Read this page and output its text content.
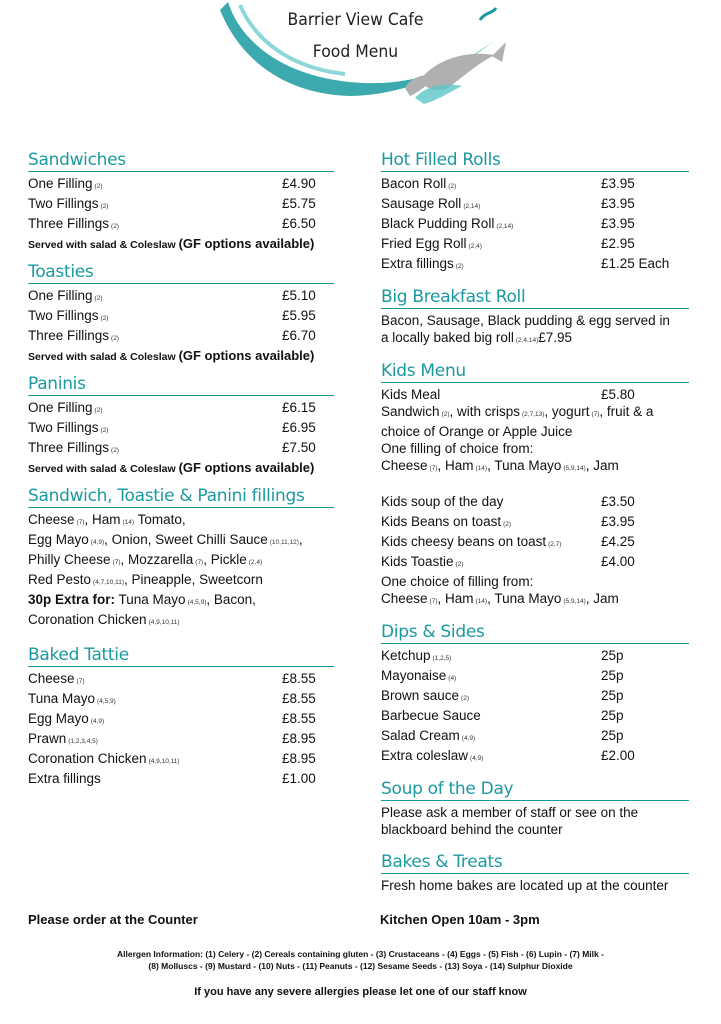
Barrier View Cafe
Food Menu
Sandwiches
One Filling (2)	£4.90
Two Fillings (2)	£5.75
Three Fillings (2)	£6.50
Served with salad & Coleslaw (GF options available)
Toasties
One Filling (2)	£5.10
Two Fillings (2)	£5.95
Three Fillings (2)	£6.70
Served with salad & Coleslaw (GF options available)
Paninis
One Filling (2)	£6.15
Two Fillings (2)	£6.95
Three Fillings (2)	£7.50
Served with salad & Coleslaw (GF options available)
Sandwich, Toastie & Panini fillings
Cheese (7), Ham (14) Tomato,
Egg Mayo (4,9), Onion, Sweet Chilli Sauce (10,11,12),
Philly Cheese (7), Mozzarella (7), Pickle (2,4)
Red Pesto (4,7,10,11), Pineapple, Sweetcorn
30p Extra for: Tuna Mayo (4,5,9), Bacon,
Coronation Chicken (4,9,10,11)
Baked Tattie
Cheese (7)	£8.55
Tuna Mayo (4,5,9)	£8.55
Egg Mayo (4,9)	£8.55
Prawn (1,2,3,4,5)	£8.95
Coronation Chicken (4,9,10,11)	£8.95
Extra fillings	£1.00
Hot Filled Rolls
Bacon Roll (2)	£3.95
Sausage Roll (2,14)	£3.95
Black Pudding Roll (2,14)	£3.95
Fried Egg Roll (2,4)	£2.95
Extra fillings (2)	£1.25 Each
Big Breakfast Roll
Bacon, Sausage, Black pudding & egg served in
a locally baked big roll (2,4,14)£7.95
Kids Menu
Kids Meal	£5.80
Sandwich (2), with crisps (2,7,13), yogurt (7), fruit & a
choice of Orange or Apple Juice
One filling of choice from:
Cheese (7), Ham (14), Tuna Mayo (5,9,14), Jam
Kids soup of the day	£3.50
Kids Beans on toast (2)	£3.95
Kids cheesy beans on toast (2,7)	£4.25
Kids Toastie (2)	£4.00
One choice of filling from:
Cheese (7), Ham (14), Tuna Mayo (5,9,14), Jam
Dips & Sides
Ketchup (1,2,5)	25p
Mayonaise (4)	25p
Brown sauce (2)	25p
Barbecue Sauce	25p
Salad Cream (4,9)	25p
Extra coleslaw (4,9)	£2.00
Soup of the Day
Please ask a member of staff or see on the
blackboard behind the counter
Bakes & Treats
Fresh home bakes are located up at the counter
Please order at the Counter	Kitchen Open 10am - 3pm
Allergen Information: (1) Celery - (2) Cereals containing gluten - (3) Crustaceans - (4) Eggs - (5) Fish - (6) Lupin - (7) Milk -
(8) Molluscs - (9) Mustard - (10) Nuts - (11) Peanuts - (12) Sesame Seeds - (13) Soya - (14) Sulphur Dioxide
If you have any severe allergies please let one of our staff know
